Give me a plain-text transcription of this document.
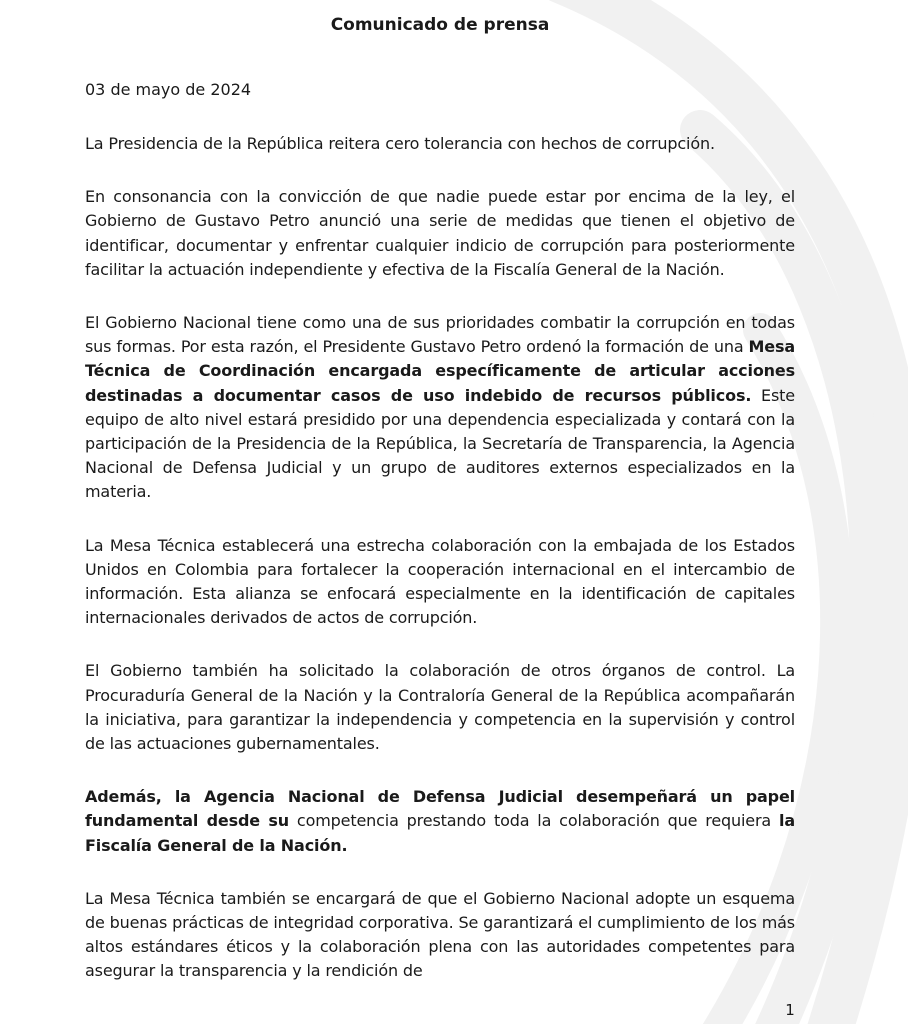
Comunicado de prensa
03 de mayo de 2024

La Presidencia de la República reitera cero tolerancia con hechos de corrupción.

En consonancia con la convicción de que nadie puede estar por encima de la ley, el Gobierno de Gustavo Petro anunció una serie de medidas que tienen el objetivo de identificar, documentar y enfrentar cualquier indicio de corrupción para posteriormente facilitar la actuación independiente y efectiva de la Fiscalía General de la Nación.

El Gobierno Nacional tiene como una de sus prioridades combatir la corrupción en todas sus formas. Por esta razón, el Presidente Gustavo Petro ordenó la formación de una Mesa Técnica de Coordinación encargada específicamente de articular acciones destinadas a documentar casos de uso indebido de recursos públicos. Este equipo de alto nivel estará presidido por una dependencia especializada y contará con la participación de la Presidencia de la República, la Secretaría de Transparencia, la Agencia Nacional de Defensa Judicial y un grupo de auditores externos especializados en la materia.

La Mesa Técnica establecerá una estrecha colaboración con la embajada de los Estados Unidos en Colombia para fortalecer la cooperación internacional en el intercambio de información. Esta alianza se enfocará especialmente en la identificación de capitales internacionales derivados de actos de corrupción.

El Gobierno también ha solicitado la colaboración de otros órganos de control. La Procuraduría General de la Nación y la Contraloría General de la República acompañarán la iniciativa, para garantizar la independencia y competencia en la supervisión y control de las actuaciones gubernamentales.

Además, la Agencia Nacional de Defensa Judicial desempeñará un papel fundamental desde su competencia prestando toda la colaboración que requiera la Fiscalía General de la Nación.

La Mesa Técnica también se encargará de que el Gobierno Nacional adopte un esquema de buenas prácticas de integridad corporativa. Se garantizará el cumplimiento de los más altos estándares éticos y la colaboración plena con las autoridades competentes para asegurar la transparencia y la rendición de

1
